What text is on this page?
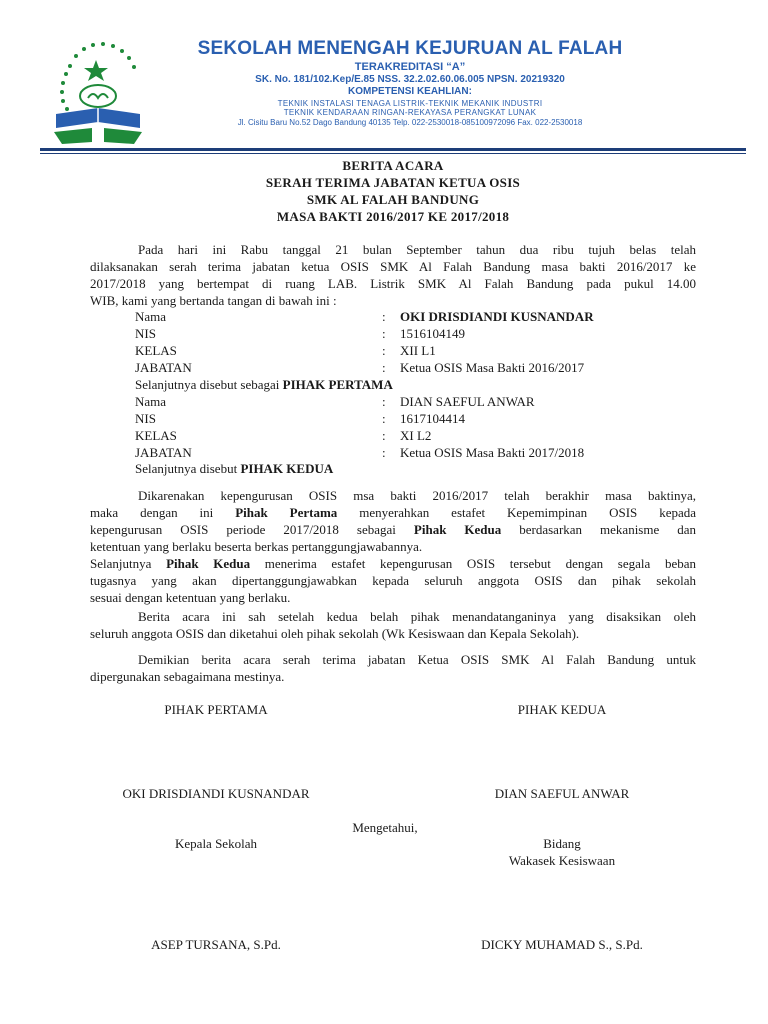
SEKOLAH MENENGAH KEJURUAN AL FALAH
TERAKREDITASI “A”
SK. No. 181/102.Kep/E.85 NSS. 32.2.02.60.06.005 NPSN. 20219320
KOMPETENSI KEAHLIAN:
TEKNIK INSTALASI TENAGA LISTRIK-TEKNIK MEKANIK INDUSTRI
TEKNIK KENDARAAN RINGAN-REKAYASA PERANGKAT LUNAK
Jl. Cisitu Baru No.52 Dago Bandung 40135 Telp. 022-2530018-085100972096 Fax. 022-2530018
BERITA ACARA
SERAH TERIMA JABATAN KETUA OSIS
SMK AL FALAH BANDUNG
MASA BAKTI 2016/2017 KE 2017/2018
Pada hari ini Rabu tanggal 21 bulan September tahun dua ribu tujuh belas telah
dilaksanakan serah terima jabatan ketua OSIS SMK Al Falah Bandung masa bakti 2016/2017 ke
2017/2018 yang bertempat di ruang LAB. Listrik SMK Al Falah Bandung pada pukul 14.00
WIB, kami yang bertanda tangan di bawah ini :
Nama	: OKI DRISDIANDI KUSNANDAR
NIS	: 1516104149
KELAS	: XII L1
JABATAN	: Ketua OSIS Masa Bakti 2016/2017
Selanjutnya disebut sebagai PIHAK PERTAMA
Nama	: DIAN SAEFUL ANWAR
NIS	: 1617104414
KELAS	: XI L2
JABATAN	: Ketua OSIS Masa Bakti 2017/2018
Selanjutnya disebut PIHAK KEDUA
Dikarenakan kepengurusan OSIS msa bakti 2016/2017 telah berakhir masa baktinya,
maka dengan ini Pihak Pertama menyerahkan estafet Kepemimpinan OSIS kepada
kepengurusan OSIS periode 2017/2018 sebagai Pihak Kedua berdasarkan mekanisme dan
ketentuan yang berlaku beserta berkas pertanggungjawabannya.
Selanjutnya Pihak Kedua menerima estafet kepengurusan OSIS tersebut dengan segala beban
tugasnya yang akan dipertanggungjawabkan kepada seluruh anggota OSIS dan pihak sekolah
sesuai dengan ketentuan yang berlaku.
Berita acara ini sah setelah kedua belah pihak menandatanganinya yang disaksikan oleh
seluruh anggota OSIS dan diketahui oleh pihak sekolah (Wk Kesiswaan dan Kepala Sekolah).
Demikian berita acara serah terima jabatan Ketua OSIS SMK Al Falah Bandung untuk
dipergunakan sebagaimana mestinya.
PIHAK PERTAMA	PIHAK KEDUA
OKI DRISDIANDI KUSNANDAR	DIAN SAEFUL ANWAR
Mengetahui,
Kepala Sekolah	Bidang
Wakasek Kesiswaan
ASEP TURSANA, S.Pd.	DICKY MUHAMAD S., S.Pd.
